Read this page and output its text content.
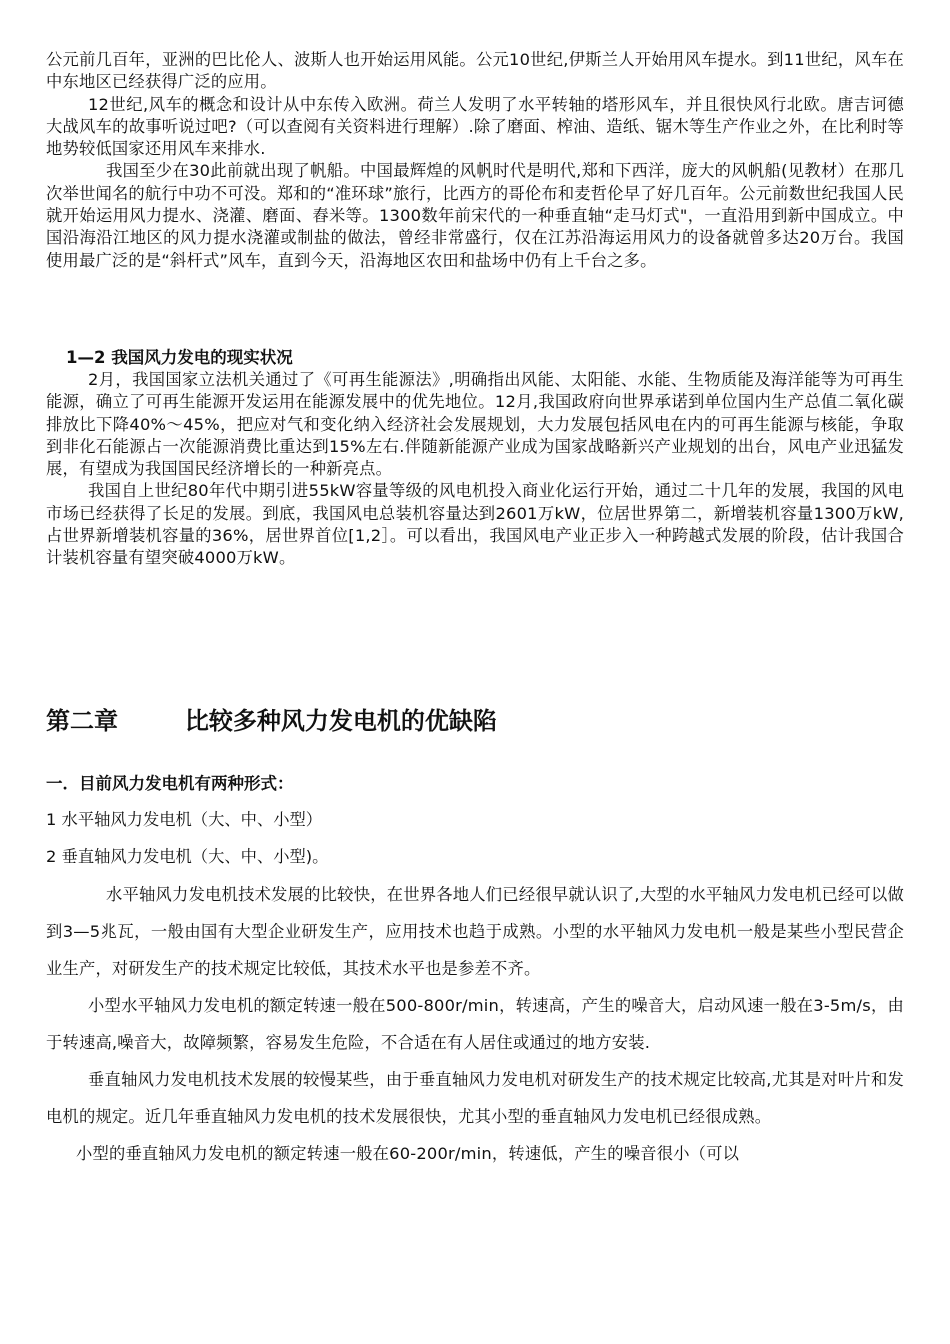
公元前几百年，亚洲的巴比伦人、波斯人也开始运用风能。公元10世纪,伊斯兰人开始用风车提水。到11世纪，风车在中东地区已经获得广泛的应用。

12世纪,风车的概念和设计从中东传入欧洲。荷兰人发明了水平转轴的塔形风车，并且很快风行北欧。唐吉诃德大战风车的故事听说过吧?（可以查阅有关资料进行理解）.除了磨面、榨油、造纸、锯木等生产作业之外，在比利时等地势较低国家还用风车来排水.

我国至少在30此前就出现了帆船。中国最辉煌的风帆时代是明代,郑和下西洋，庞大的风帆船(见教材）在那几次举世闻名的航行中功不可没。郑和的“准环球”旅行，比西方的哥伦布和麦哲伦早了好几百年。公元前数世纪我国人民就开始运用风力提水、浇灌、磨面、舂米等。1300数年前宋代的一种垂直轴“走马灯式"，一直沿用到新中国成立。中国沿海沿江地区的风力提水浇灌或制盐的做法，曾经非常盛行，仅在江苏沿海运用风力的设备就曾多达20万台。我国使用最广泛的是“斜杆式”风车，直到今天，沿海地区农田和盐场中仍有上千台之多。

1—2 我国风力发电的现实状况

2月，我国国家立法机关通过了《可再生能源法》,明确指出风能、太阳能、水能、生物质能及海洋能等为可再生能源，确立了可再生能源开发运用在能源发展中的优先地位。12月,我国政府向世界承诺到单位国内生产总值二氧化碳排放比下降40%～45%，把应对气和变化纳入经济社会发展规划，大力发展包括风电在内的可再生能源与核能，争取到非化石能源占一次能源消费比重达到15%左右.伴随新能源产业成为国家战略新兴产业规划的出台，风电产业迅猛发展，有望成为我国国民经济增长的一种新亮点。

我国自上世纪80年代中期引进55kW容量等级的风电机投入商业化运行开始，通过二十几年的发展，我国的风电市场已经获得了长足的发展。到底，我国风电总装机容量达到2601万kW，位居世界第二，新增装机容量1300万kW,占世界新增装机容量的36%，居世界首位[1,2］。可以看出，我国风电产业正步入一种跨越式发展的阶段，估计我国合计装机容量有望突破4000万kW。

第二章        比较多种风力发电机的优缺陷
一．目前风力发电机有两种形式：

1 水平轴风力发电机（大、中、小型）

2 垂直轴风力发电机（大、中、小型)。

水平轴风力发电机技术发展的比较快，在世界各地人们已经很早就认识了,大型的水平轴风力发电机已经可以做到3—5兆瓦，一般由国有大型企业研发生产，应用技术也趋于成熟。小型的水平轴风力发电机一般是某些小型民营企业生产，对研发生产的技术规定比较低，其技术水平也是参差不齐。

小型水平轴风力发电机的额定转速一般在500-800r/min，转速高，产生的噪音大，启动风速一般在3-5m/s，由于转速高,噪音大，故障频繁，容易发生危险，不合适在有人居住或通过的地方安装.

垂直轴风力发电机技术发展的较慢某些，由于垂直轴风力发电机对研发生产的技术规定比较高,尤其是对叶片和发电机的规定。近几年垂直轴风力发电机的技术发展很快，尤其小型的垂直轴风力发电机已经很成熟。

小型的垂直轴风力发电机的额定转速一般在60-200r/min，转速低，产生的噪音很小（可以
